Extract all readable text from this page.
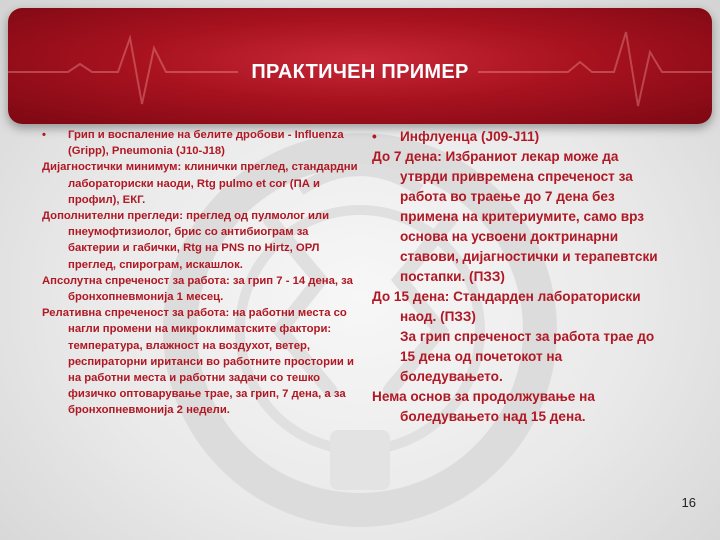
ПРАКТИЧЕН ПРИМЕР
• Грип и воспаление на белите дробови - Influenza (Gripp), Pneumonia (J10-J18)
Дијагностички минимум: клинички преглед, стандардни лабораториски наоди, Rtg pulmo et cor (ПА и профил), ЕКГ.
Дополнителни прегледи: преглед од пулмолог или пнеумофтизиолог, брис со антибиограм за бактерии и габички, Rtg на PNS по Hirtz, ОРЛ преглед, спирограм, искашлок.
Апсолутна спреченост за работа: за грип 7 - 14 дена, за бронхопневмонија 1 месец.
Релативна спреченост за работа: на работни места со нагли промени на микроклиматските фактори: температура, влажност на воздухот, ветер, респираторни иританси во работните простории и на работни места и работни задачи со тешко физичко оптоварување трае, за грип, 7 дена, а за бронхопневмонија 2 недели.
• Инфлуенца (J09-J11)
До 7 дена: Избраниот лекар може да утврди привремена спреченост за работа во траење до 7 дена без примена на критериумите, само врз основа на усвоени доктринарни ставови, дијагностички и терапевтски постапки. (ПЗЗ)
До 15 дена: Стандарден лабораториски наод. (ПЗЗ)
За грип спреченост за работа трае до 15 дена од почетокот на боледувањето.
Нема основ за продолжување на боледувањето над 15 дена.
16
